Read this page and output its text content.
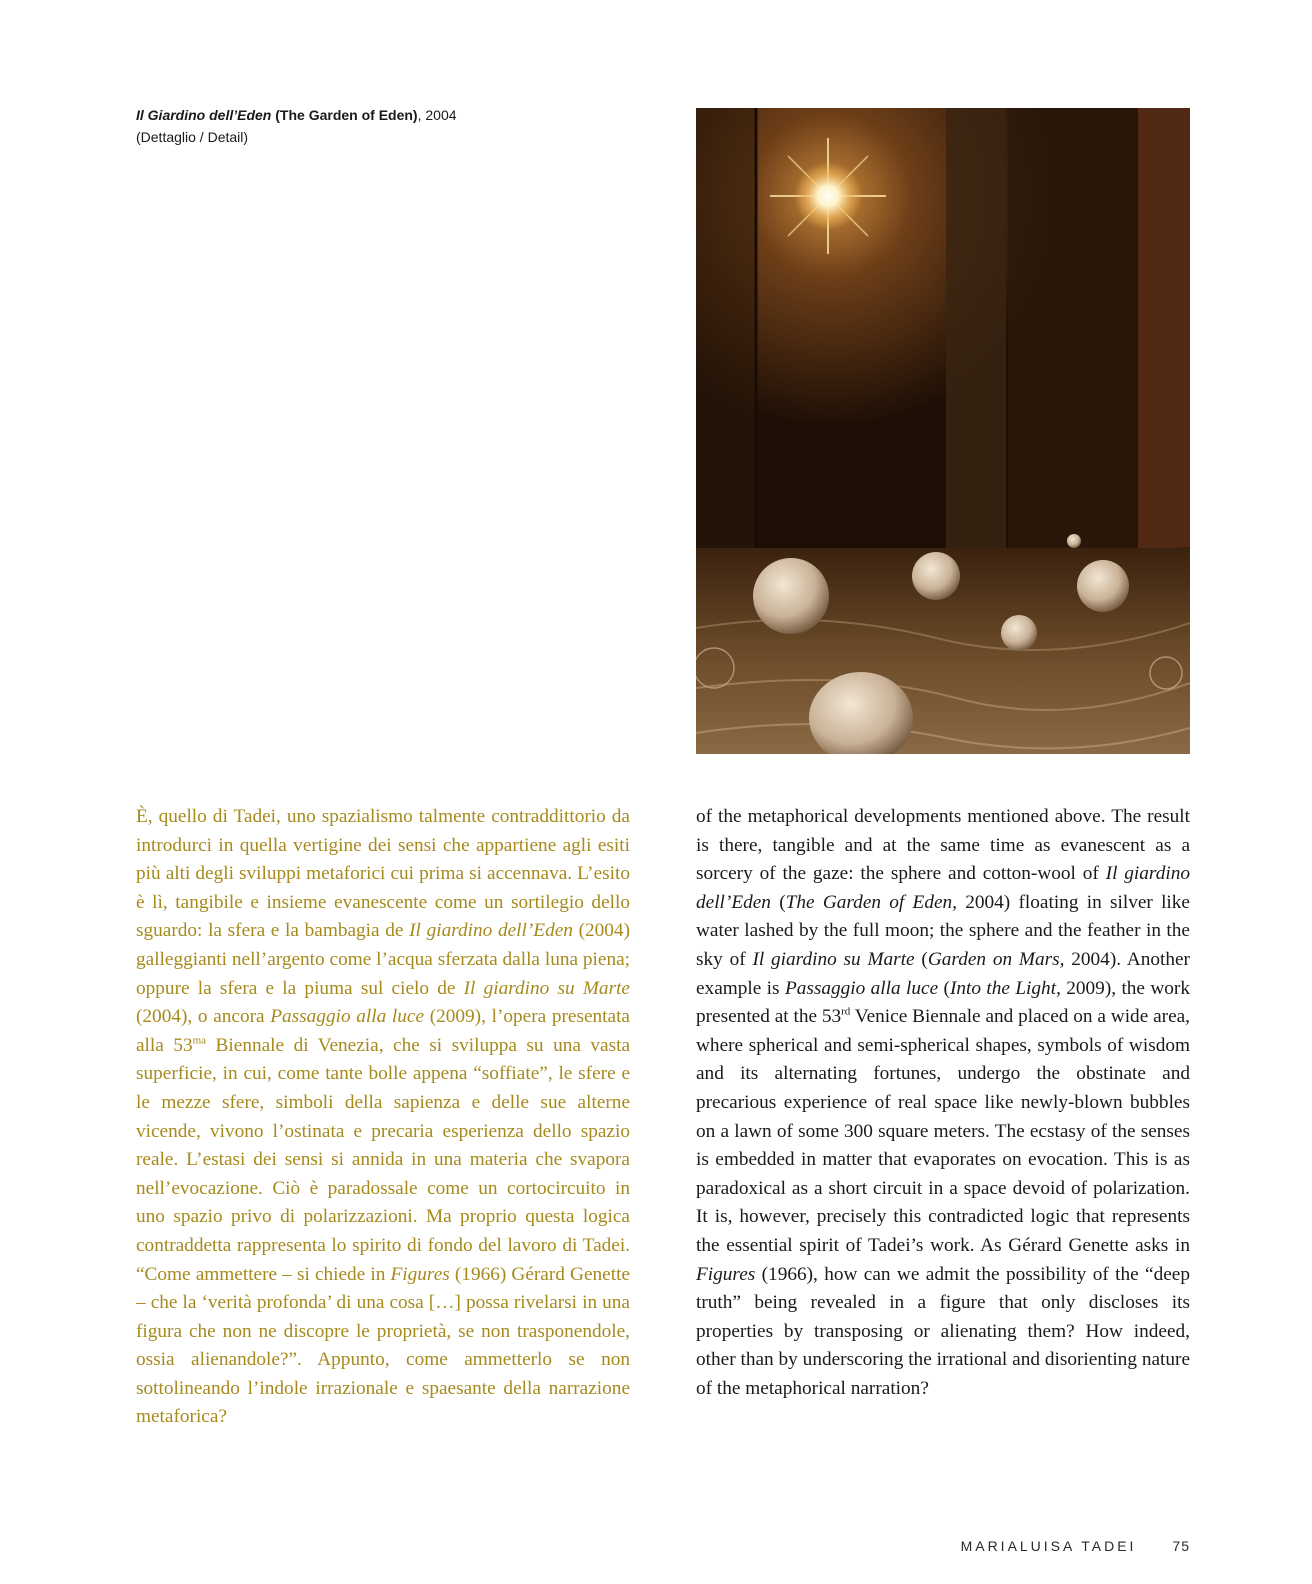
Il Giardino dell’Eden (The Garden of Eden), 2004
(Dettaglio / Detail)

È, quello di Tadei, uno spazialismo talmente contraddittorio da introdurci in quella vertigine dei sensi che appartiene agli esiti più alti degli sviluppi metaforici cui prima si accennava. L’esito è lì, tangibile e insieme evanescente come un sortilegio dello sguardo: la sfera e la bambagia de Il giardino dell’Eden (2004) galleggianti nell’argento come l’acqua sferzata dalla luna piena; oppure la sfera e la piuma sul cielo de Il giardino su Marte (2004), o ancora Passaggio alla luce (2009), l’opera presentata alla $53^{ma}$ Biennale di Venezia, che si sviluppa su una vasta superficie, in cui, come tante bolle appena “soffiate”, le sfere e le mezze sfere, simboli della sapienza e delle sue alterne vicende, vivono l’ostinata e precaria esperienza dello spazio reale. L’estasi dei sensi si annida in una materia che svapora nell’evocazione. Ciò è paradossale come un cortocircuito in uno spazio privo di polarizzazioni. Ma proprio questa logica contraddetta rappresenta lo spirito di fondo del lavoro di Tadei. “Come ammettere – si chiede in Figures (1966) Gérard Genette – che la ‘verità profonda’ di una cosa […] possa rivelarsi in una figura che non ne discopre le proprietà, se non trasponendole, ossia alienandole?”. Appunto, come ammetterlo se non sottolineando l’indole irrazionale e spaesante della narrazione metaforica?

of the metaphorical developments mentioned above. The result is there, tangible and at the same time as evanescent as a sorcery of the gaze: the sphere and cotton-wool of Il giardino dell’Eden (The Garden of Eden, 2004) floating in silver like water lashed by the full moon; the sphere and the feather in the sky of Il giardino su Marte (Garden on Mars, 2004). Another example is Passaggio alla luce (Into the Light, 2009), the work presented at the 53rd Venice Biennale and placed on a wide area, where spherical and semi-spherical shapes, symbols of wisdom and its alternating fortunes, undergo the obstinate and precarious experience of real space like newly-blown bubbles on a lawn of some 300 square meters. The ecstasy of the senses is embedded in matter that evaporates on evocation. This is as paradoxical as a short circuit in a space devoid of polarization. It is, however, precisely this contradicted logic that represents the essential spirit of Tadei’s work. As Gérard Genette asks in Figures (1966), how can we admit the possibility of the “deep truth” being revealed in a figure that only discloses its properties by transposing or alienating them? How indeed, other than by underscoring the irrational and disorienting nature of the metaphorical narration?

MARIALUISA TADEI	75
